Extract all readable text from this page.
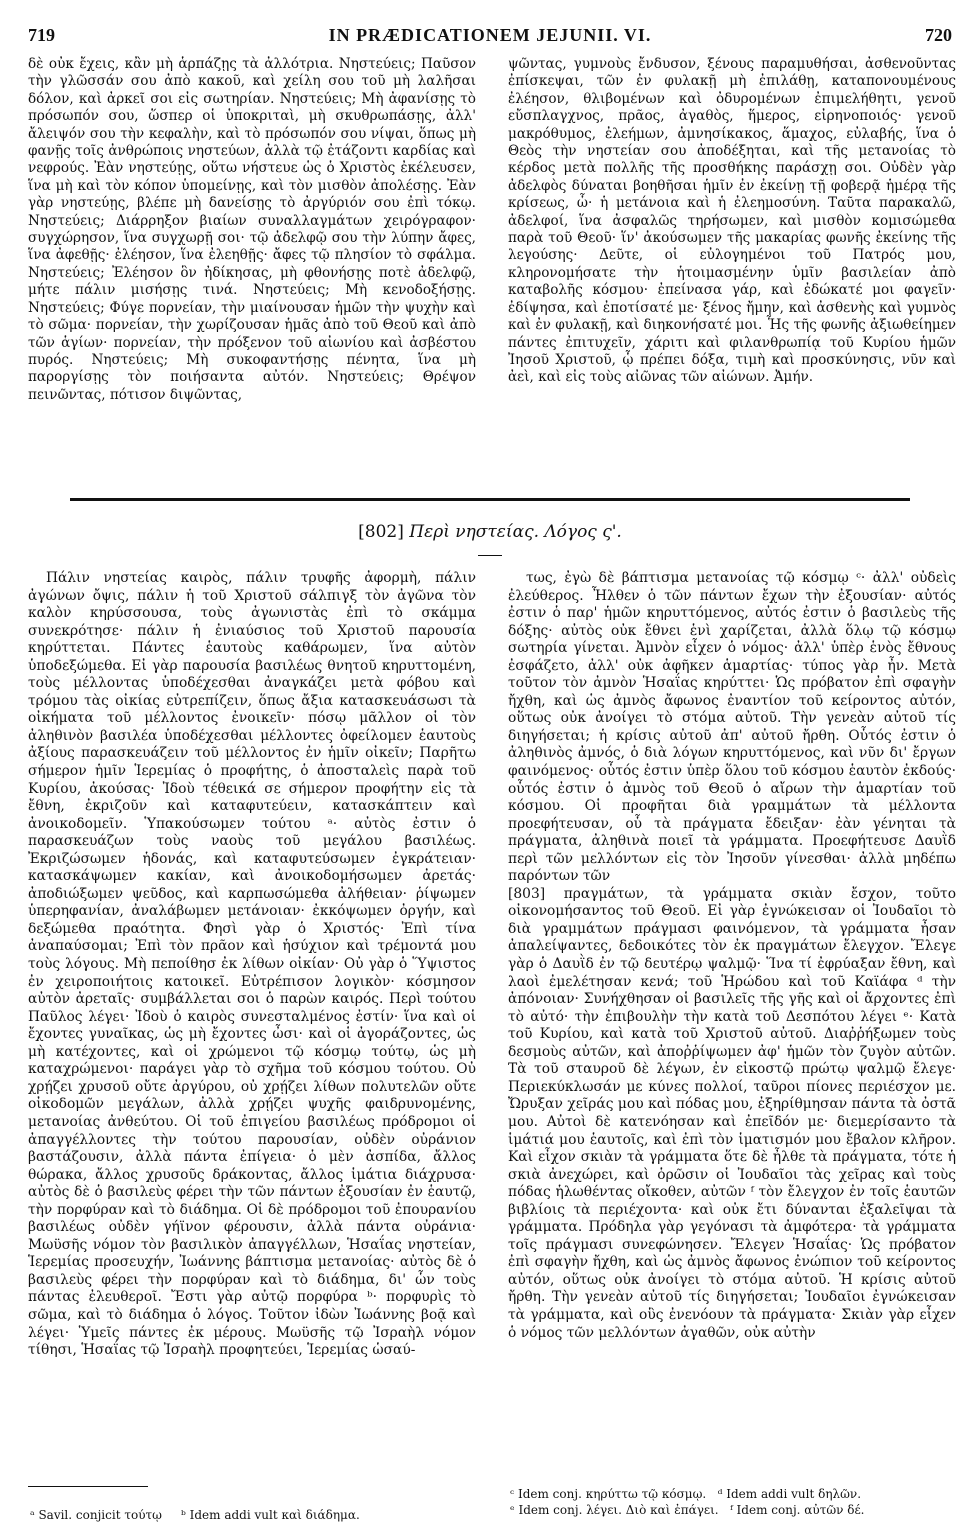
719	IN PRÆDICATIONEM JEJUNII. VI.	720

δὲ οὐκ ἔχεις, κἂν μὴ ἁρπάζῃς τὰ ἀλλότρια. Νηστεύεις; Παῦσον τὴν γλῶσσάν σου ἀπὸ κακοῦ, καὶ χείλη σου τοῦ μὴ λαλῆσαι δόλον, καὶ ἀρκεῖ σοι εἰς σωτηρίαν. Νηστεύεις; Μὴ ἀφανίσῃς τὸ πρόσωπόν σου, ὥσπερ οἱ ὑποκριταὶ, μὴ σκυθρωπάσῃς, ἀλλ' ἄλειψόν σου τὴν κεφαλὴν, καὶ τὸ πρόσωπόν σου νίψαι, ὅπως μὴ φανῇς τοῖς ἀνθρώποις νηστεύων, ἀλλὰ τῷ ἐτάζοντι καρδίας καὶ νεφρούς. Ἐὰν νηστεύῃς, οὕτω νήστευε ὡς ὁ Χριστὸς ἐκέλευσεν, ἵνα μὴ καὶ τὸν κόπον ὑπομείνῃς, καὶ τὸν μισθὸν ἀπολέσῃς. Ἐὰν γὰρ νηστεύῃς, βλέπε μὴ δανείσῃς τὸ ἀργύριόν σου ἐπὶ τόκῳ. Νηστεύεις; Διάρρηξον βιαίων συναλλαγμάτων χειρόγραφον· συγχώρησον, ἵνα συγχωρῇ σοι· τῷ ἀδελφῷ σου τὴν λύπην ἄφες, ἵνα ἀφεθῇς· ἐλέησον, ἵνα ἐλεηθῇς· ἄφες τῷ πλησίον τὸ σφάλμα. Νηστεύεις; Ἐλέησον ὃν ἠδίκησας, μὴ φθονήσῃς ποτὲ ἀδελφῷ, μήτε πάλιν μισήσῃς τινά. Νηστεύεις; Μὴ κενοδοξήσῃς. Νηστεύεις; Φύγε πορνείαν, τὴν μιαίνουσαν ἡμῶν τὴν ψυχὴν καὶ τὸ σῶμα· πορνείαν, τὴν χωρίζουσαν ἡμᾶς ἀπὸ τοῦ Θεοῦ καὶ ἀπὸ τῶν ἁγίων· πορνείαν, τὴν πρόξενον τοῦ αἰωνίου καὶ ἀσβέστου πυρός. Νηστεύεις; Μὴ συκοφαντήσῃς πένητα, ἵνα μὴ παροργίσῃς τὸν ποιήσαντα αὐτόν. Νηστεύεις; Θρέψον πεινῶντας, πότισον διψῶντας,

ψῶντας, γυμνοὺς ἔνδυσον, ξένους παραμυθήσαι, ἀσθενοῦντας ἐπίσκεψαι, τῶν ἐν φυλακῇ μὴ ἐπιλάθῃ, καταπονουμένους ἐλέησον, θλιβομένων καὶ ὀδυρομένων ἐπιμελήθητι, γενοῦ εὔσπλαγχνος, πρᾶος, ἀγαθὸς, ἥμερος, εἰρηνοποιός· γενοῦ μακρόθυμος, ἐλεήμων, ἀμνησίκακος, ἅμαχος, εὐλαβής, ἵνα ὁ Θεὸς τὴν νηστείαν σου ἀποδέξηται, καὶ τῆς μετανοίας τὸ κέρδος μετὰ πολλῆς τῆς προσθήκης παράσχῃ σοι. Οὐδὲν γὰρ ἀδελφὸς δύναται βοηθῆσαι ἡμῖν ἐν ἐκείνῃ τῇ φοβερᾷ ἡμέρᾳ τῆς κρίσεως, ὧ· ἡ μετάνοια καὶ ἡ ἐλεημοσύνη. Ταῦτα παρακαλῶ, ἀδελφοί, ἵνα ἀσφαλῶς τηρήσωμεν, καὶ μισθὸν κομισώμεθα παρὰ τοῦ Θεοῦ· ἵν' ἀκούσωμεν τῆς μακαρίας φωνῆς ἐκείνης τῆς λεγούσης· Δεῦτε, οἱ εὐλογημένοι τοῦ Πατρός μου, κληρονομήσατε τὴν ἡτοιμασμένην ὑμῖν βασιλείαν ἀπὸ καταβολῆς κόσμου· ἐπείνασα γάρ, καὶ ἐδώκατέ μοι φαγεῖν· ἐδίψησα, καὶ ἐποτίσατέ με· ξένος ἤμην, καὶ ἀσθενὴς καὶ γυμνὸς καὶ ἐν φυλακῇ, καὶ διηκονήσατέ μοι. Ἧς τῆς φωνῆς ἀξιωθείημεν πάντες ἐπιτυχεῖν, χάριτι καὶ φιλανθρωπίᾳ τοῦ Κυρίου ἡμῶν Ἰησοῦ Χριστοῦ, ᾧ πρέπει δόξα, τιμὴ καὶ προσκύνησις, νῦν καὶ ἀεὶ, καὶ εἰς τοὺς αἰῶνας τῶν αἰώνων. Ἀμήν.

[802] Περὶ νηστείας. Λόγος ς'.

Πάλιν νηστείας καιρὸς, πάλιν τρυφῆς ἀφορμὴ, πάλιν ἀγώνων ὄψις, πάλιν ἡ τοῦ Χριστοῦ σάλπιγξ τὸν ἀγῶνα τὸν καλὸν κηρύσσουσα, τοὺς ἀγωνιστὰς ἐπὶ τὸ σκάμμα συνεκρότησε· πάλιν ἡ ἐνιαύσιος τοῦ Χριστοῦ παρουσία κηρύττεται. Πάντες ἑαυτοὺς καθάρωμεν, ἵνα αὐτὸν ὑποδεξώμεθα. Εἰ γὰρ παρουσία βασιλέως θνητοῦ κηρυττομένη, τοὺς μέλλοντας ὑποδέχεσθαι ἀναγκάζει μετὰ φόβου καὶ τρόμου τὰς οἰκίας εὐτρεπίζειν, ὅπως ἄξια κατασκευάσωσι τὰ οἰκήματα τοῦ μέλλοντος ἐνοικεῖν· πόσῳ μᾶλλον οἱ τὸν ἀληθινὸν βασιλέα ὑποδέχεσθαι μέλλοντες ὀφείλομεν ἑαυτοὺς ἀξίους παρασκευάζειν τοῦ μέλλοντος ἐν ἡμῖν οἰκεῖν; Παρῆτω σήμερον ἡμῖν Ἱερεμίας ὁ προφήτης, ὁ ἀποσταλεὶς παρὰ τοῦ Κυρίου, ἀκούσας· Ἰδοὺ τέθεικά σε σήμερον προφήτην εἰς τὰ ἔθνη, ἐκριζοῦν καὶ καταφυτεύειν, κατασκάπτειν καὶ ἀνοικοδομεῖν. Ὑπακούσωμεν τούτου ᵃ· αὐτὸς ἐστιν ὁ παρασκευάζων τοὺς ναοὺς τοῦ μεγάλου βασιλέως. Ἐκριζώσωμεν ἡδονάς, καὶ καταφυτεύσωμεν ἐγκράτειαν· κατασκάψωμεν κακίαν, καὶ ἀνοικοδομήσωμεν ἀρετάς· ἀποδιώξωμεν ψεῦδος, καὶ καρπωσώμεθα ἀλήθειαν· ῥίψωμεν ὑπερηφανίαν, ἀναλάβωμεν μετάνοιαν· ἐκκόψωμεν ὀργήν, καὶ δεξώμεθα πραότητα. Φησὶ γὰρ ὁ Χριστός· Ἐπὶ τίνα ἀναπαύσομαι; Ἐπὶ τὸν πρᾶον καὶ ἡσύχιον καὶ τρέμοντά μου τοὺς λόγους. Μὴ πεποίθησ ἐκ λίθων οἰκίαν· Οὐ γὰρ ὁ Ὕψιστος ἐν χειροποιήτοις κατοικεῖ. Εὐτρέπισον λογικὸν· κόσμησον αὐτὸν ἀρεταῖς· συμβάλλεται σοι ὁ παρὼν καιρός. Περὶ τούτου Παῦλος λέγει· Ἰδοὺ ὁ καιρὸς συνεσταλμένος ἐστίν· ἵνα καὶ οἱ ἔχοντες γυναῖκας, ὡς μὴ ἔχοντες ὦσι· καὶ οἱ ἀγοράζοντες, ὡς μὴ κατέχοντες, καὶ οἱ χρώμενοι τῷ κόσμῳ τούτῳ, ὡς μὴ καταχρώμενοι· παράγει γὰρ τὸ σχῆμα τοῦ κόσμου τούτου. Οὐ χρῄζει χρυσοῦ οὔτε ἀργύρου, οὐ χρῄζει λίθων πολυτελῶν οὔτε οἰκοδομῶν μεγάλων, ἀλλὰ χρῄζει ψυχῆς φαιδρυνομένης, μετανοίας ἀνθεύτου. Οἱ τοῦ ἐπιγείου βασιλέως πρόδρομοι οἱ ἀπαγγέλλοντες τὴν τούτου παρουσίαν, οὐδὲν οὐράνιον βαστάζουσιν, ἀλλὰ πάντα ἐπίγεια· ὁ μὲν ἀσπίδα, ἄλλος θώρακα, ἄλλος χρυσοῦς δράκοντας, ἄλλος ἱμάτια διάχρυσα· αὐτὸς δὲ ὁ βασιλεὺς φέρει τὴν τῶν πάντων ἐξουσίαν ἐν ἑαυτῷ, τὴν πορφύραν καὶ τὸ διάδημα. Οἱ δὲ πρόδρομοι τοῦ ἐπουρανίου βασιλέως οὐδὲν γήϊνον φέρουσιν, ἀλλὰ πάντα οὐράνια· Μωϋσῆς νόμον τὸν βασιλικὸν ἀπαγγέλλων, Ἡσαΐας νηστείαν, Ἱερεμίας προσευχήν, Ἰωάννης βάπτισμα μετανοίας· αὐτὸς δὲ ὁ βασιλεὺς φέρει τὴν πορφύραν καὶ τὸ διάδημα, δι' ὧν τοὺς πάντας ἐλευθεροῖ. Ἔστι γὰρ αὐτῷ πορφύρα ᵇ· πορφυρὶς τὸ σῶμα, καὶ τὸ διάδημα ὁ λόγος. Τοῦτον ἰδὼν Ἰωάννης βοᾷ καὶ λέγει· Ὑμεῖς πάντες ἐκ μέρους. Μωϋσῆς τῷ Ἰσραὴλ νόμον τίθησι, Ἡσαΐας τῷ Ἰσραὴλ προφητεύει, Ἱερεμίας ὡσαύ-

τως, ἐγὼ δὲ βάπτισμα μετανοίας τῷ κόσμῳ ᶜ· ἀλλ' οὐδεὶς ἐλεύθερος. Ἦλθεν ὁ τῶν πάντων ἔχων τὴν ἐξουσίαν· αὐτός ἐστιν ὁ παρ' ἡμῶν κηρυττόμενος, αὐτός ἐστιν ὁ βασιλεὺς τῆς δόξης· αὐτὸς οὐκ ἔθνει ἑνὶ χαρίζεται, ἀλλὰ ὅλῳ τῷ κόσμῳ σωτηρία γίνεται. Ἀμνὸν εἶχεν ὁ νόμος· ἀλλ' ὑπὲρ ἑνὸς ἔθνους ἐσφάζετο, ἀλλ' οὐκ ἀφῆκεν ἁμαρτίας· τύπος γὰρ ἦν. Μετὰ τοῦτον τὸν ἀμνὸν Ἡσαΐας κηρύττει· Ὡς πρόβατον ἐπὶ σφαγὴν ἤχθη, καὶ ὡς ἀμνὸς ἄφωνος ἐναντίον τοῦ κείροντος αὐτόν, οὕτως οὐκ ἀνοίγει τὸ στόμα αὐτοῦ. Τὴν γενεὰν αὐτοῦ τίς διηγήσεται; ἡ κρίσις αὐτοῦ ἀπ' αὐτοῦ ἤρθη. Οὗτός ἐστιν ὁ ἀληθινὸς ἀμνός, ὁ διὰ λόγων κηρυττόμενος, καὶ νῦν δι' ἔργων φαινόμενος· οὗτός ἐστιν ὑπὲρ ὅλου τοῦ κόσμου ἑαυτὸν ἐκδούς· οὗτός ἐστιν ὁ ἀμνὸς τοῦ Θεοῦ ὁ αἴρων τὴν ἁμαρτίαν τοῦ κόσμου. Οἱ προφῆται διὰ γραμμάτων τὰ μέλλοντα προεφήτευσαν, οὗ τὰ πράγματα ἔδειξαν· ἐὰν γένηται τὰ πράγματα, ἀληθινὰ ποιεῖ τὰ γράμματα. Προεφήτευσε Δαυῒδ περὶ τῶν μελλόντων εἰς τὸν Ἰησοῦν γίνεσθαι· ἀλλὰ μηδέπω παρόντων τῶν

[803] πραγμάτων, τὰ γράμματα σκιὰν ἔσχον, τοῦτο οἰκονομήσαντος τοῦ Θεοῦ. Εἰ γὰρ ἐγνώκεισαν οἱ Ἰουδαῖοι τὸ διὰ γραμμάτων πράγμασι φαινόμενον, τὰ γράμματα ἦσαν ἀπαλείψαντες, δεδοικότες τὸν ἐκ πραγμάτων ἔλεγχον. Ἔλεγε γὰρ ὁ Δαυῒδ ἐν τῷ δευτέρῳ ψαλμῷ· Ἵνα τί ἐφρύαξαν ἔθνη, καὶ λαοὶ ἐμελέτησαν κενά; τοῦ Ἡρώδου καὶ τοῦ Καϊάφα ᵈ τὴν ἀπόνοιαν· Συνήχθησαν οἱ βασιλεῖς τῆς γῆς καὶ οἱ ἄρχοντες ἐπὶ τὸ αὐτό· τὴν ἐπιβουλὴν τὴν κατὰ τοῦ Δεσπότου λέγει ᵉ· Κατὰ τοῦ Κυρίου, καὶ κατὰ τοῦ Χριστοῦ αὐτοῦ. Διαῤῥήξωμεν τοὺς δεσμοὺς αὐτῶν, καὶ ἀποῤῥίψωμεν ἀφ' ἡμῶν τὸν ζυγὸν αὐτῶν. Τὰ τοῦ σταυροῦ δὲ λέγων, ἐν εἰκοστῷ πρώτῳ ψαλμῷ ἔλεγε· Περιεκύκλωσάν με κύνες πολλοί, ταῦροι πίονες περιέσχον με. Ὤρυξαν χεῖράς μου καὶ πόδας μου, ἐξηρίθμησαν πάντα τὰ ὀστᾶ μου. Αὐτοὶ δὲ κατενόησαν καὶ ἐπεῖδόν με· διεμερίσαντο τὰ ἱμάτιά μου ἑαυτοῖς, καὶ ἐπὶ τὸν ἱματισμόν μου ἔβαλον κλῆρον. Καὶ εἶχον σκιὰν τὰ γράμματα ὅτε δὲ ἦλθε τὰ πράγματα, τότε ἡ σκιὰ ἀνεχώρει, καὶ ὁρῶσιν οἱ Ἰουδαῖοι τὰς χεῖρας καὶ τοὺς πόδας ἡλωθέντας οἴκοθεν, αὐτῶν ᶠ τὸν ἔλεγχον ἐν τοῖς ἑαυτῶν βιβλίοις τὰ περιέχοντα· καὶ οὐκ ἔτι δύνανται ἐξαλεῖψαι τὰ γράμματα. Πρόδηλα γὰρ γεγόνασι τὰ ἀμφότερα· τὰ γράμματα τοῖς πράγμασι συνεφώνησεν. Ἔλεγεν Ἡσαΐας· Ὡς πρόβατον ἐπὶ σφαγὴν ἤχθη, καὶ ὡς ἀμνὸς ἄφωνος ἐνώπιον τοῦ κείροντος αὐτόν, οὕτως οὐκ ἀνοίγει τὸ στόμα αὐτοῦ. Ἡ κρίσις αὐτοῦ ἤρθη. Τὴν γενεὰν αὐτοῦ τίς διηγήσεται; Ἰουδαῖοι ἐγνώκεισαν τὰ γράμματα, καὶ οὓς ἐνενόουν τὰ πράγματα· Σκιὰν γὰρ εἶχεν ὁ νόμος τῶν μελλόντων ἀγαθῶν, οὐκ αὐτὴν

ᵃ Savil. conjicit τούτῳ ᵇ Idem addi vult καὶ διάδημα.
ᶜ Idem conj. κηρύττω τῷ κόσμῳ. ᵈ Idem addi vult δηλῶν.
ᵉ Idem conj. λέγει. Διὸ καὶ ἐπάγει. ᶠ Idem conj. αὐτῶν δέ.
